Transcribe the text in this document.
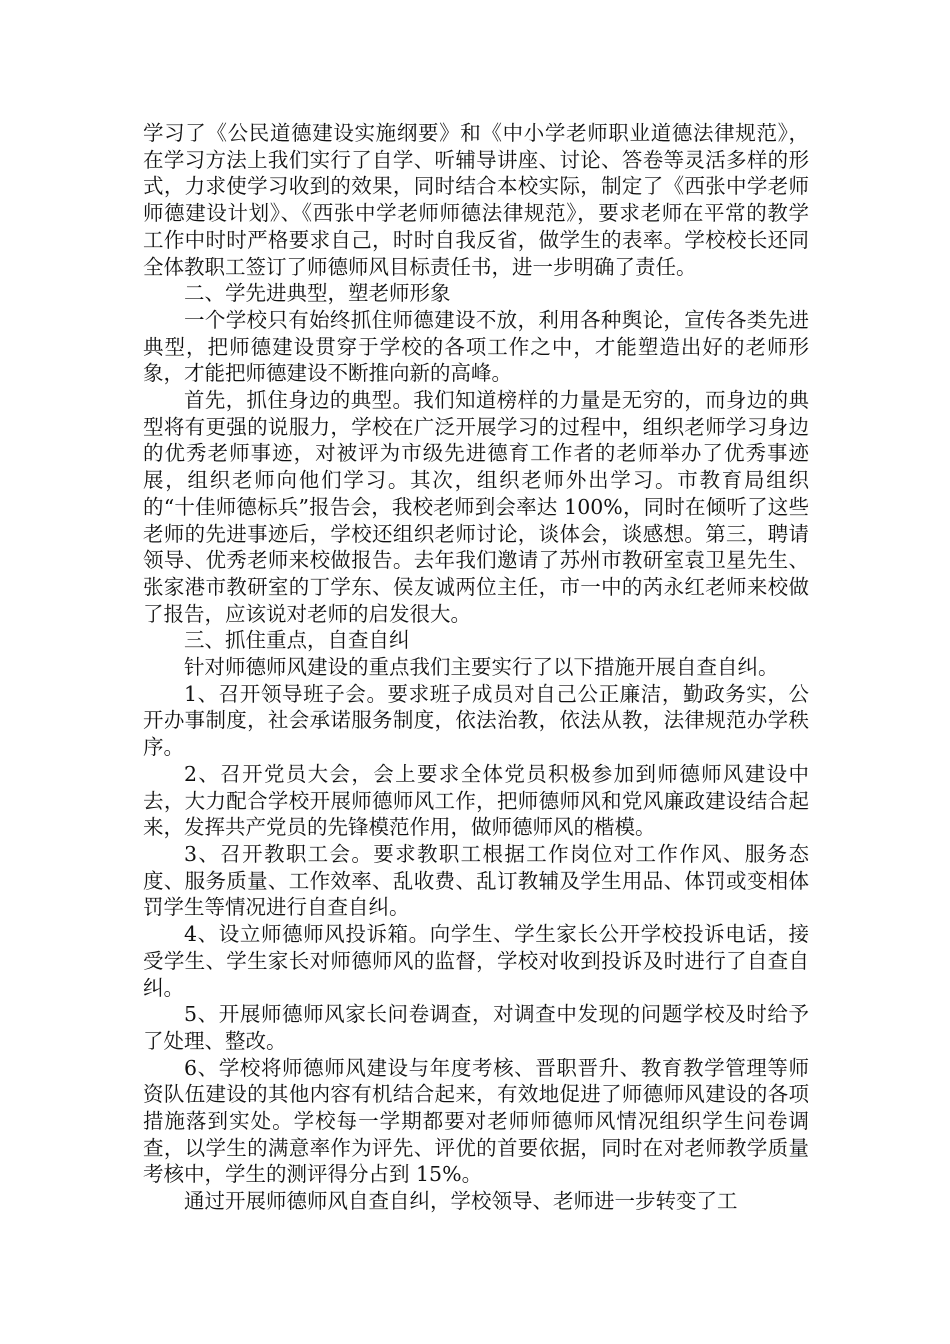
学习了《公民道德建设实施纲要》和《中小学老师职业道德法律规范》，在学习方法上我们实行了自学、听辅导讲座、讨论、答卷等灵活多样的形式，力求使学习收到的效果，同时结合本校实际，制定了《西张中学老师师德建设计划》、《西张中学老师师德法律规范》，要求老师在平常的教学工作中时时严格要求自己，时时自我反省，做学生的表率。学校校长还同全体教职工签订了师德师风目标责任书，进一步明确了责任。

二、学先进典型，塑老师形象

一个学校只有始终抓住师德建设不放，利用各种舆论，宣传各类先进典型，把师德建设贯穿于学校的各项工作之中，才能塑造出好的老师形象，才能把师德建设不断推向新的高峰。

首先，抓住身边的典型。我们知道榜样的力量是无穷的，而身边的典型将有更强的说服力，学校在广泛开展学习的过程中，组织老师学习身边的优秀老师事迹，对被评为市级先进德育工作者的老师举办了优秀事迹展，组织老师向他们学习。其次，组织老师外出学习。市教育局组织的“十佳师德标兵”报告会，我校老师到会率达 100%，同时在倾听了这些老师的先进事迹后，学校还组织老师讨论，谈体会，谈感想。第三，聘请领导、优秀老师来校做报告。去年我们邀请了苏州市教研室袁卫星先生、张家港市教研室的丁学东、侯友诚两位主任，市一中的芮永红老师来校做了报告，应该说对老师的启发很大。

三、抓住重点，自查自纠

针对师德师风建设的重点我们主要实行了以下措施开展自查自纠。

1、召开领导班子会。要求班子成员对自己公正廉洁，勤政务实，公开办事制度，社会承诺服务制度，依法治教，依法从教，法律规范办学秩序。

2、召开党员大会，会上要求全体党员积极参加到师德师风建设中去，大力配合学校开展师德师风工作，把师德师风和党风廉政建设结合起来，发挥共产党员的先锋模范作用，做师德师风的楷模。

3、召开教职工会。要求教职工根据工作岗位对工作作风、服务态度、服务质量、工作效率、乱收费、乱订教辅及学生用品、体罚或变相体罚学生等情况进行自查自纠。

4、设立师德师风投诉箱。向学生、学生家长公开学校投诉电话，接受学生、学生家长对师德师风的监督，学校对收到投诉及时进行了自查自纠。

5、开展师德师风家长问卷调查，对调查中发现的问题学校及时给予了处理、整改。

6、学校将师德师风建设与年度考核、晋职晋升、教育教学管理等师资队伍建设的其他内容有机结合起来，有效地促进了师德师风建设的各项措施落到实处。学校每一学期都要对老师师德师风情况组织学生问卷调查，以学生的满意率作为评先、评优的首要依据，同时在对老师教学质量考核中，学生的测评得分占到 15%。

通过开展师德师风自查自纠，学校领导、老师进一步转变了工
